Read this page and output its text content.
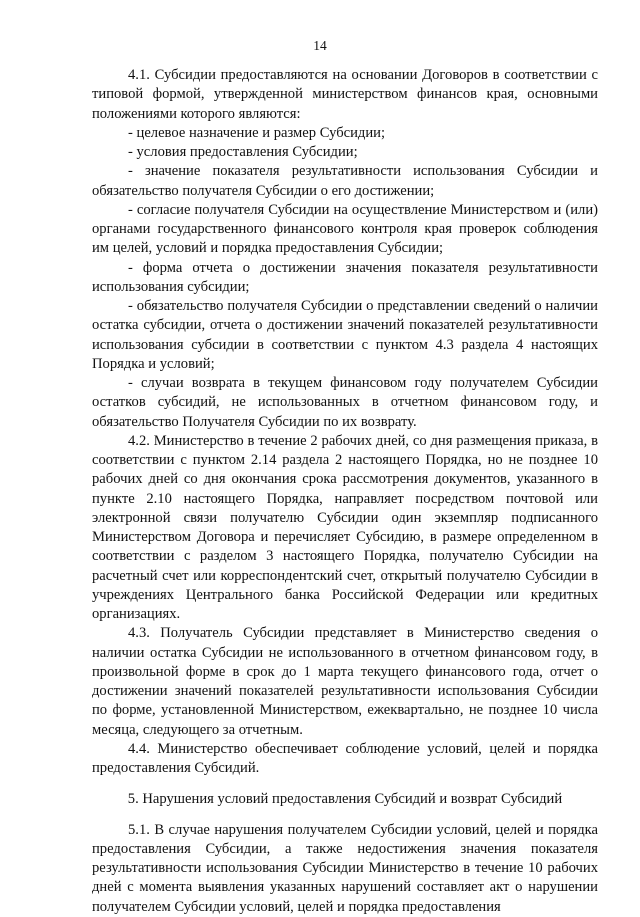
14

4.1. Субсидии предоставляются на основании Договоров в соответствии с типовой формой, утвержденной министерством финансов края, основными положениями которого являются:

- целевое назначение и размер Субсидии;

- условия предоставления Субсидии;

- значение показателя результативности использования Субсидии и обязательство получателя Субсидии о его достижении;

- согласие получателя Субсидии на осуществление Министерством и (или) органами государственного финансового контроля края проверок соблюдения им целей, условий и порядка предоставления Субсидии;

- форма отчета о достижении значения показателя результативности использования субсидии;

- обязательство получателя Субсидии о представлении сведений о наличии остатка субсидии, отчета о достижении значений показателей результативности использования субсидии в соответствии с пунктом 4.3 раздела 4 настоящих Порядка и условий;

- случаи возврата в текущем финансовом году получателем Субсидии остатков субсидий, не использованных в отчетном финансовом году, и обязательство Получателя Субсидии по их возврату.

4.2. Министерство в течение 2 рабочих дней, со дня размещения приказа, в соответствии с пунктом 2.14 раздела 2 настоящего Порядка, но не позднее 10 рабочих дней со дня окончания срока рассмотрения документов, указанного в пункте 2.10 настоящего Порядка, направляет посредством почтовой или электронной связи получателю Субсидии один экземпляр подписанного Министерством Договора и перечисляет Субсидию, в размере определенном в соответствии с разделом 3 настоящего Порядка, получателю Субсидии на расчетный счет или корреспондентский счет, открытый получателю Субсидии в учреждениях Центрального банка Российской Федерации или кредитных организациях.

4.3. Получатель Субсидии представляет в Министерство сведения о наличии остатка Субсидии не использованного в отчетном финансовом году, в произвольной форме в срок до 1 марта текущего финансового года, отчет о достижении значений показателей результативности использования Субсидии по форме, установленной Министерством, ежеквартально, не позднее 10 числа месяца, следующего за отчетным.

4.4. Министерство обеспечивает соблюдение условий, целей и порядка предоставления Субсидий.

5. Нарушения условий предоставления Субсидий и возврат Субсидий

5.1. В случае нарушения получателем Субсидии условий, целей и порядка предоставления Субсидии, а также недостижения значения показателя результативности использования Субсидии Министерство в течение 10 рабочих дней с момента выявления указанных нарушений составляет акт о нарушении получателем Субсидии условий, целей и порядка предоставления
